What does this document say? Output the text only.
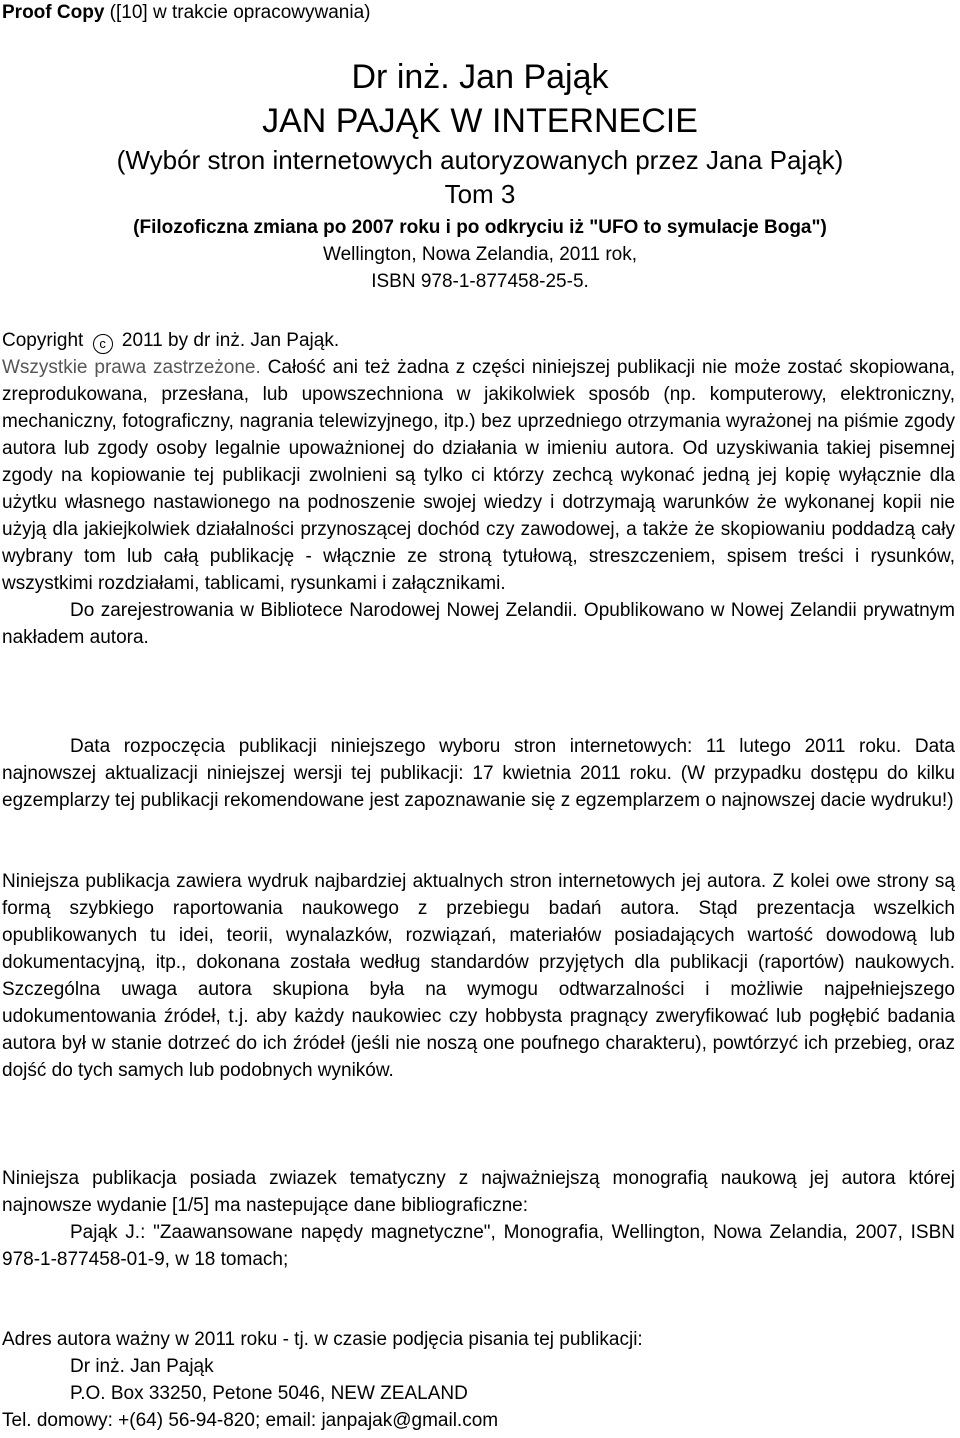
Proof Copy ([10] w trakcie opracowywania)
Dr inż. Jan Pająk
JAN PAJĄK W INTERNECIE
(Wybór stron internetowych autoryzowanych przez Jana Pająk)
Tom 3
(Filozoficzna zmiana po 2007 roku i po odkryciu iż "UFO to symulacje Boga")
Wellington, Nowa Zelandia, 2011 rok,
ISBN 978-1-877458-25-5.

Copyright c 2011 by dr inż. Jan Pająk.

Wszystkie prawa zastrzeżone. Całość ani też żadna z części niniejszej publikacji nie może zostać skopiowana, zreprodukowana, przesłana, lub upowszechniona w jakikolwiek sposób (np. komputerowy, elektroniczny, mechaniczny, fotograficzny, nagrania telewizyjnego, itp.) bez uprzedniego otrzymania wyrażonej na piśmie zgody autora lub zgody osoby legalnie upoważnionej do działania w imieniu autora. Od uzyskiwania takiej pisemnej zgody na kopiowanie tej publikacji zwolnieni są tylko ci którzy zechcą wykonać jedną jej kopię wyłącznie dla użytku własnego nastawionego na podnoszenie swojej wiedzy i dotrzymają warunków że wykonanej kopii nie użyją dla jakiejkolwiek działalności przynoszącej dochód czy zawodowej, a także że skopiowaniu poddadzą cały wybrany tom lub całą publikację - włącznie ze stroną tytułową, streszczeniem, spisem treści i rysunków, wszystkimi rozdziałami, tablicami, rysunkami i załącznikami.

Do zarejestrowania w Bibliotece Narodowej Nowej Zelandii. Opublikowano w Nowej Zelandii prywatnym nakładem autora.

Data rozpoczęcia publikacji niniejszego wyboru stron internetowych: 11 lutego 2011 roku. Data najnowszej aktualizacji niniejszej wersji tej publikacji: 17 kwietnia 2011 roku. (W przypadku dostępu do kilku egzemplarzy tej publikacji rekomendowane jest zapoznawanie się z egzemplarzem o najnowszej dacie wydruku!)

Niniejsza publikacja zawiera wydruk najbardziej aktualnych stron internetowych jej autora. Z kolei owe strony są formą szybkiego raportowania naukowego z przebiegu badań autora. Stąd prezentacja wszelkich opublikowanych tu idei, teorii, wynalazków, rozwiązań, materiałów posiadających wartość dowodową lub dokumentacyjną, itp., dokonana została według standardów przyjętych dla publikacji (raportów) naukowych. Szczególna uwaga autora skupiona była na wymogu odtwarzalności i możliwie najpełniejszego udokumentowania źródeł, t.j. aby każdy naukowiec czy hobbysta pragnący zweryfikować lub pogłębić badania autora był w stanie dotrzeć do ich źródeł (jeśli nie noszą one poufnego charakteru), powtórzyć ich przebieg, oraz dojść do tych samych lub podobnych wyników.

Niniejsza publikacja posiada zwiazek tematyczny z najważniejszą monografią naukową jej autora której najnowsze wydanie [1/5] ma nastepujące dane bibliograficzne:

Pająk J.: "Zaawansowane napędy magnetyczne", Monografia, Wellington, Nowa Zelandia, 2007, ISBN 978-1-877458-01-9, w 18 tomach;

Adres autora ważny w 2011 roku - tj. w czasie podjęcia pisania tej publikacji:
Dr inż. Jan Pająk
P.O. Box 33250, Petone 5046, NEW ZEALAND
Tel. domowy: +(64) 56-94-820; email: janpajak@gmail.com
